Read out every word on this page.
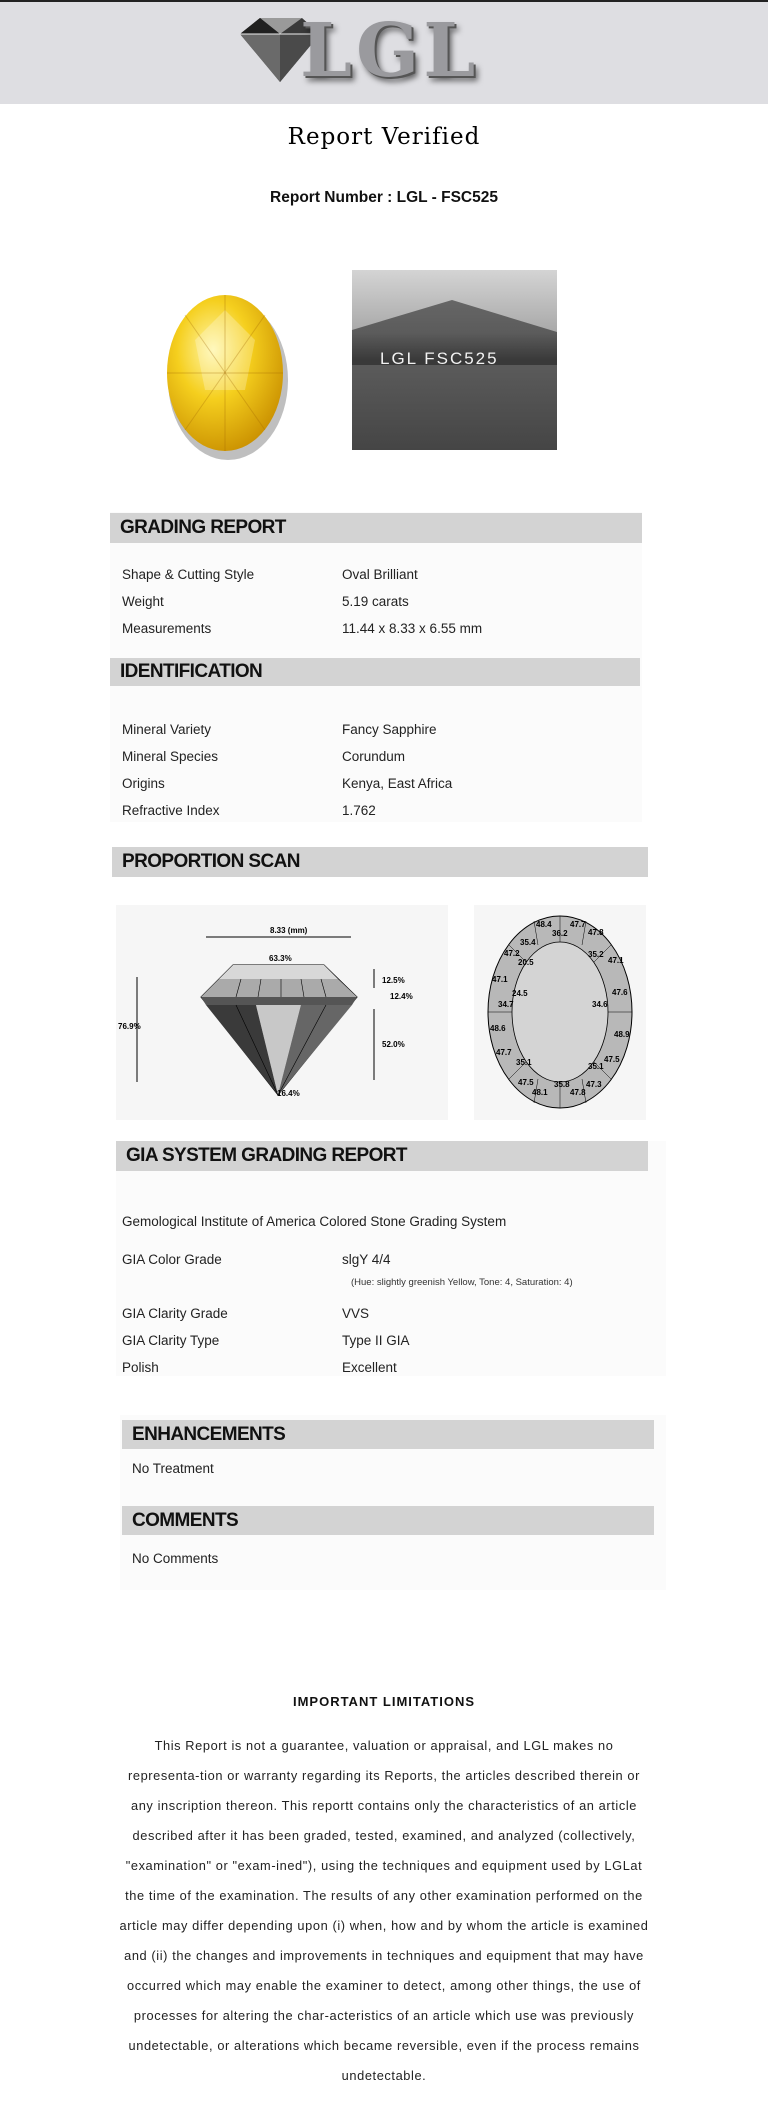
LGL
Report Verified
Report Number : LGL - FSC525
LGL FSC525
GRADING REPORT
Shape & Cutting Style	Oval Brilliant
Weight	5.19 carats
Measurements	11.44 x 8.33 x 6.55 mm
IDENTIFICATION
Mineral Variety	Fancy Sapphire
Mineral Species	Corundum
Origins	Kenya, East Africa
Refractive Index	1.762
PROPORTION SCAN
8.33 (mm)
63.3%
76.9%
12.5%
12.4%
52.0%
16.4%
48.4 47.7
36.2	47.8
35.4
47.2
20.5
35.2
47.1
47.1
24.5	47.6
34.7	34.6
48.6
48.9
47.7
35.1	35.1
47.5
47.5	35.8 47.3
48.1	47.8
GIA SYSTEM GRADING REPORT
Gemological Institute of America Colored Stone Grading System
GIA Color Grade	slgY 4/4
(Hue: slightly greenish Yellow, Tone: 4, Saturation: 4)
GIA Clarity Grade	VVS
GIA Clarity Type	Type II GIA
Polish	Excellent
ENHANCEMENTS
No Treatment
COMMENTS
No Comments
IMPORTANT LIMITATIONS
This Report is not a guarantee, valuation or appraisal, and LGL makes no representa-tion or warranty regarding its Reports, the articles described therein or any inscription thereon. This reportt contains only the characteristics of an article described after it has been graded, tested, examined, and analyzed (collectively, "examination" or "exam-ined"), using the techniques and equipment used by LGLat the time of the examination. The results of any other examination performed on the article may differ depending upon (i) when, how and by whom the article is examined and (ii) the changes and improvements in techniques and equipment that may have occurred which may enable the examiner to detect, among other things, the use of processes for altering the char-acteristics of an article which use was previously undetectable, or alterations which became reversible, even if the process remains undetectable.
